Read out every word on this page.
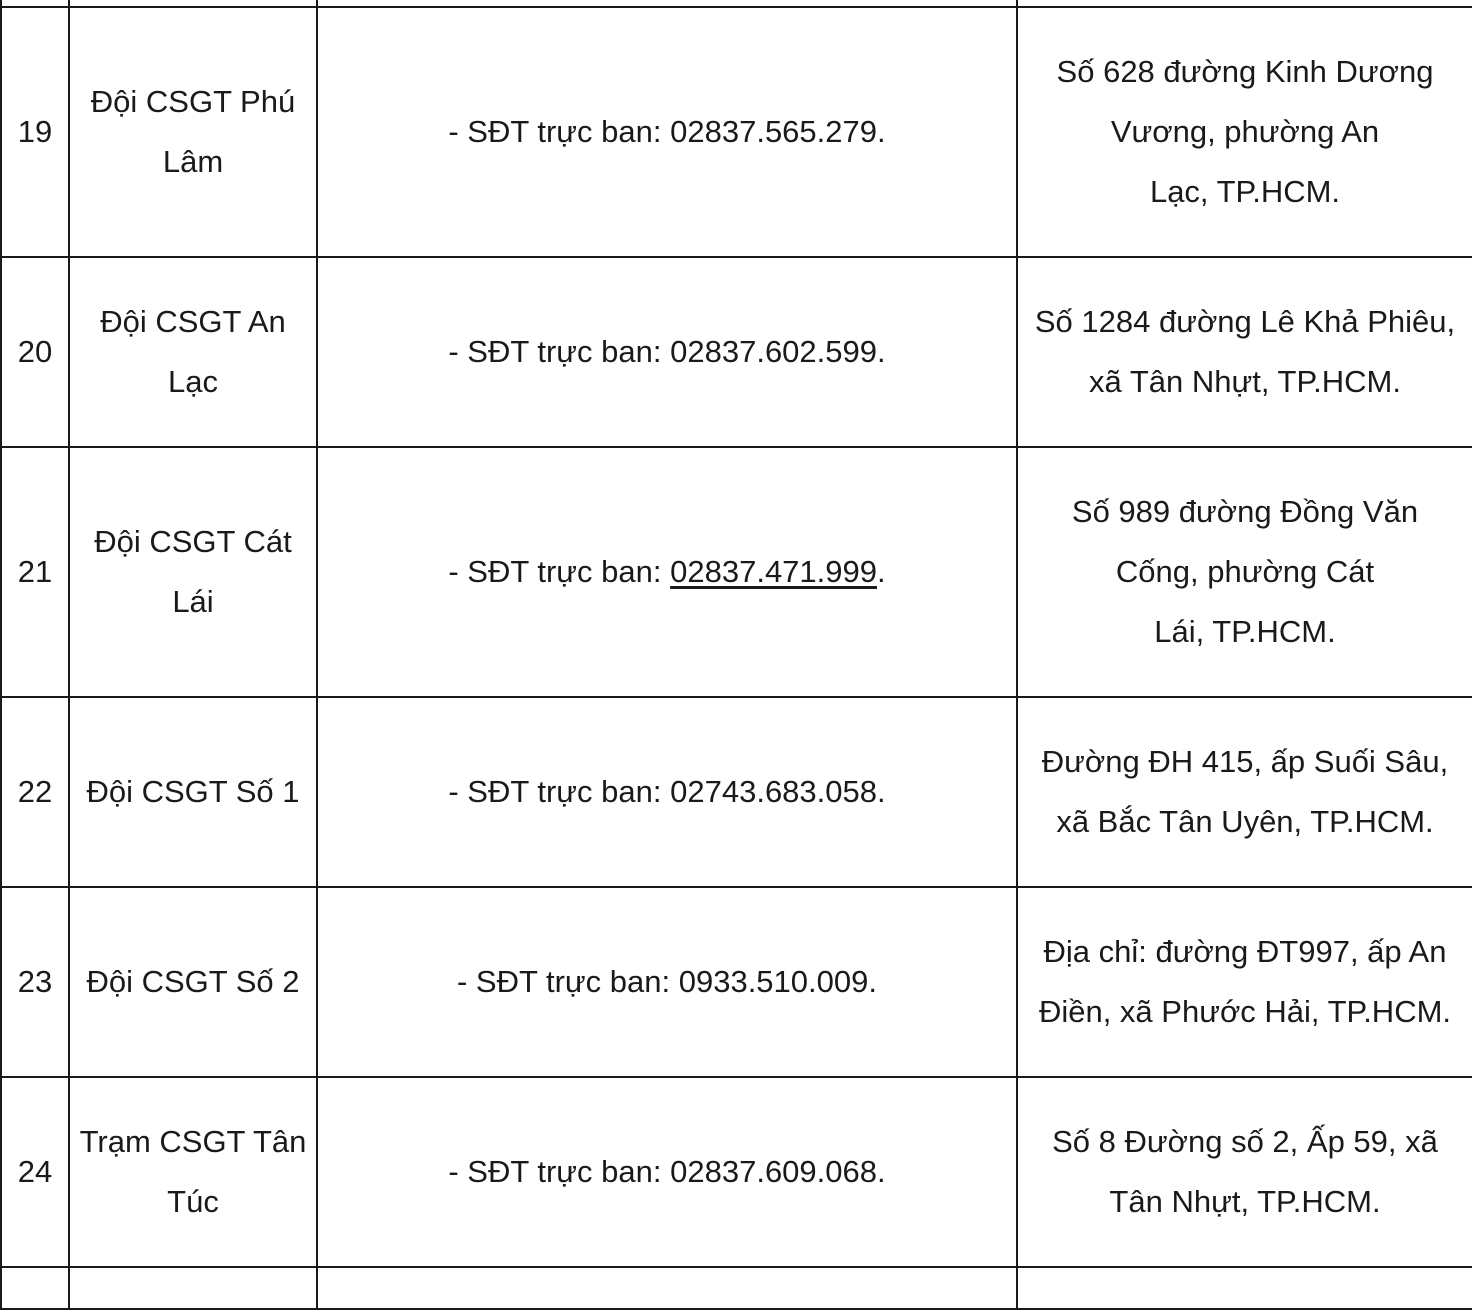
19	Đội CSGT Phú Lâm	- SĐT trực ban: 02837.565.279.	Số 628 đường Kinh Dương
Vương, phường An
Lạc, TP.HCM.

20	Đội CSGT An Lạc	- SĐT trực ban: 02837.602.599.	Số 1284 đường Lê Khả Phiêu,
xã Tân Nhựt, TP.HCM.

21	Đội CSGT Cát Lái	- SĐT trực ban: 02837.471.999.	Số 989 đường Đồng Văn
Cống, phường Cát
Lái, TP.HCM.

22	Đội CSGT Số 1	- SĐT trực ban: 02743.683.058.	Đường ĐH 415, ấp Suối Sâu,
xã Bắc Tân Uyên, TP.HCM.

23	Đội CSGT Số 2	- SĐT trực ban: 0933.510.009.	Địa chỉ: đường ĐT997, ấp An
Điền, xã Phước Hải, TP.HCM.

24	Trạm CSGT Tân Túc	- SĐT trực ban: 02837.609.068.	Số 8 Đường số 2, Ấp 59, xã
Tân Nhựt, TP.HCM.
